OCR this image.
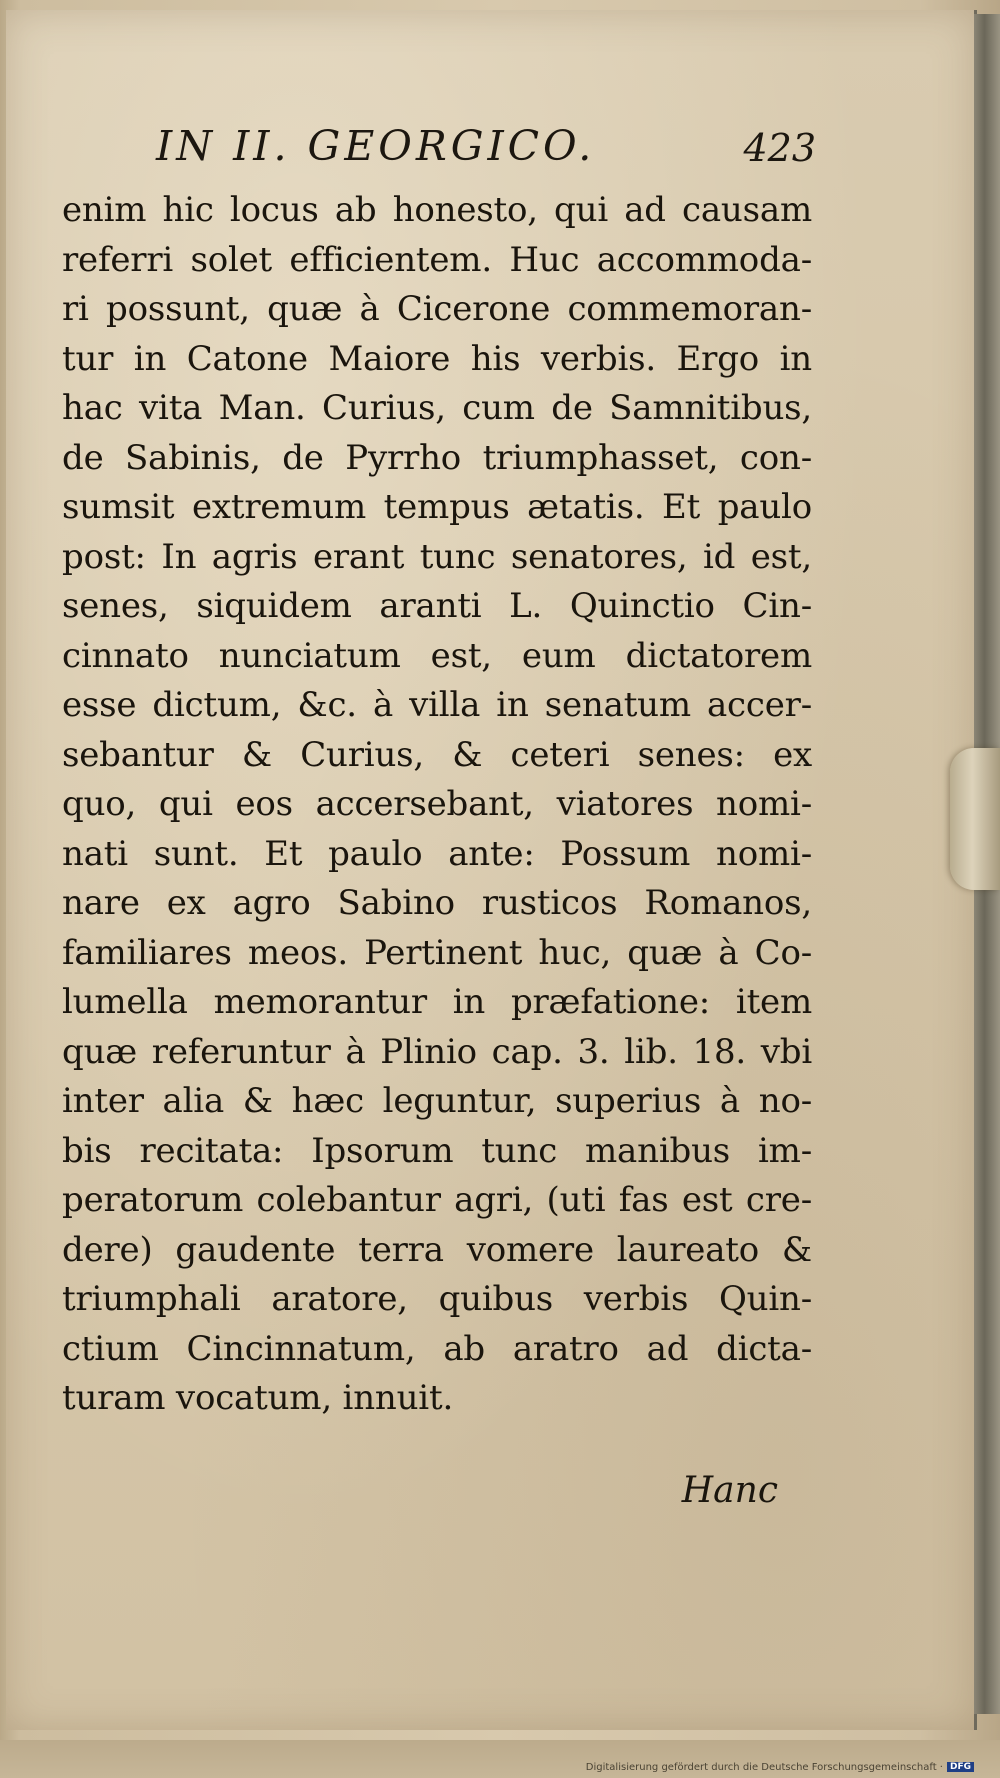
IN II. GEORGICO.	423
enim hic locus ab honesto, qui ad causam
referri solet efficientem. Huc accommoda-
ri possunt, quæ à Cicerone commemoran-
tur in Catone Maiore his verbis. Ergo in
hac vita Man. Curius, cum de Samnitibus,
de Sabinis, de Pyrrho triumphasset, con-
sumsit extremum tempus ætatis. Et paulo
post: In agris erant tunc senatores, id est,
senes, siquidem aranti L. Quinctio Cin-
cinnato nunciatum est, eum dictatorem
esse dictum, &c. à villa in senatum accer-
sebantur & Curius, & ceteri senes: ex
quo, qui eos accersebant, viatores nomi-
nati sunt. Et paulo ante: Possum nomi-
nare ex agro Sabino rusticos Romanos,
familiares meos. Pertinent huc, quæ à Co-
lumella memorantur in præfatione: item
quæ referuntur à Plinio cap. 3. lib. 18. vbi
inter alia & hæc leguntur, superius à no-
bis recitata: Ipsorum tunc manibus im-
peratorum colebantur agri, (uti fas est cre-
dere) gaudente terra vomere laureato &
triumphali aratore, quibus verbis Quin-
ctium Cincinnatum, ab aratro ad dicta-
turam vocatum, innuit.
Hanc
Digitalisierung gefördert durch die Deutsche Forschungsgemeinschaft · DFG
